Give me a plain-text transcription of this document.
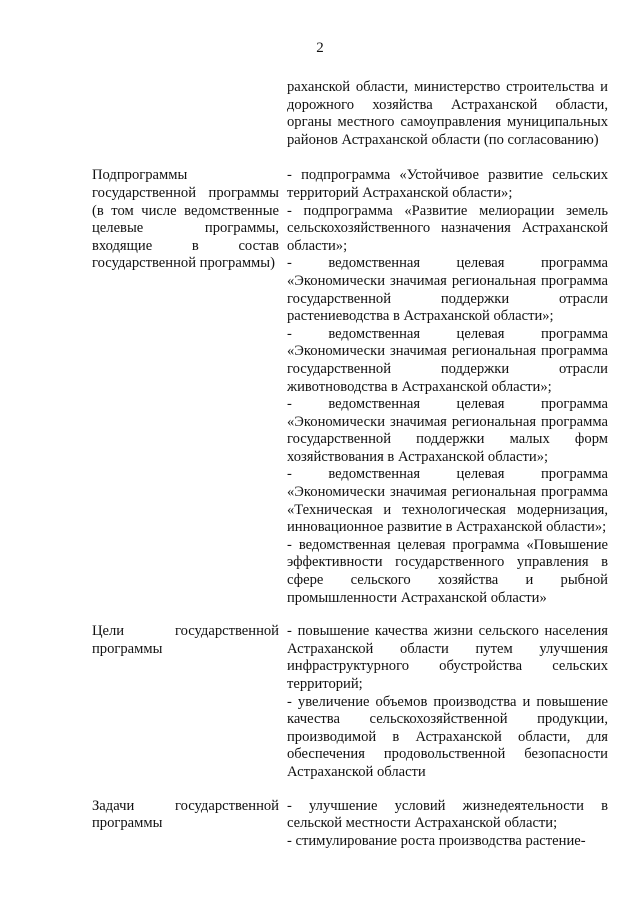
2

раханской области, министерство строительства и дорожного хозяйства Астраханской области, органы местного самоуправления муниципальных районов Астраханской области (по согласованию)

Подпрограммы государственной программы (в том числе ведомственные целевые программы, входящие в состав государственной программы)

- подпрограмма «Устойчивое развитие сельских территорий Астраханской области»;

- подпрограмма «Развитие мелиорации земель сельскохозяйственного назначения Астраханской области»;

- ведомственная целевая программа «Экономически значимая региональная программа государственной поддержки отрасли растениеводства в Астраханской области»;

- ведомственная целевая программа «Экономически значимая региональная программа государственной поддержки отрасли животноводства в Астраханской области»;

- ведомственная целевая программа «Экономически значимая региональная программа государственной поддержки малых форм хозяйствования в Астраханской области»;

- ведомственная целевая программа «Экономически значимая региональная программа «Техническая и технологическая модернизация, инновационное развитие в Астраханской области»;

- ведомственная целевая программа «Повышение эффективности государственного управления в сфере сельского хозяйства и рыбной промышленности Астраханской области»

Цели государственной программы

- повышение качества жизни сельского населения Астраханской области путем улучшения инфраструктурного обустройства сельских территорий;

- увеличение объемов производства и повышение качества сельскохозяйственной продукции, производимой в Астраханской области, для обеспечения продовольственной безопасности Астраханской области

Задачи государственной программы

- улучшение условий жизнедеятельности в сельской местности Астраханской области;

- стимулирование роста производства растение-
